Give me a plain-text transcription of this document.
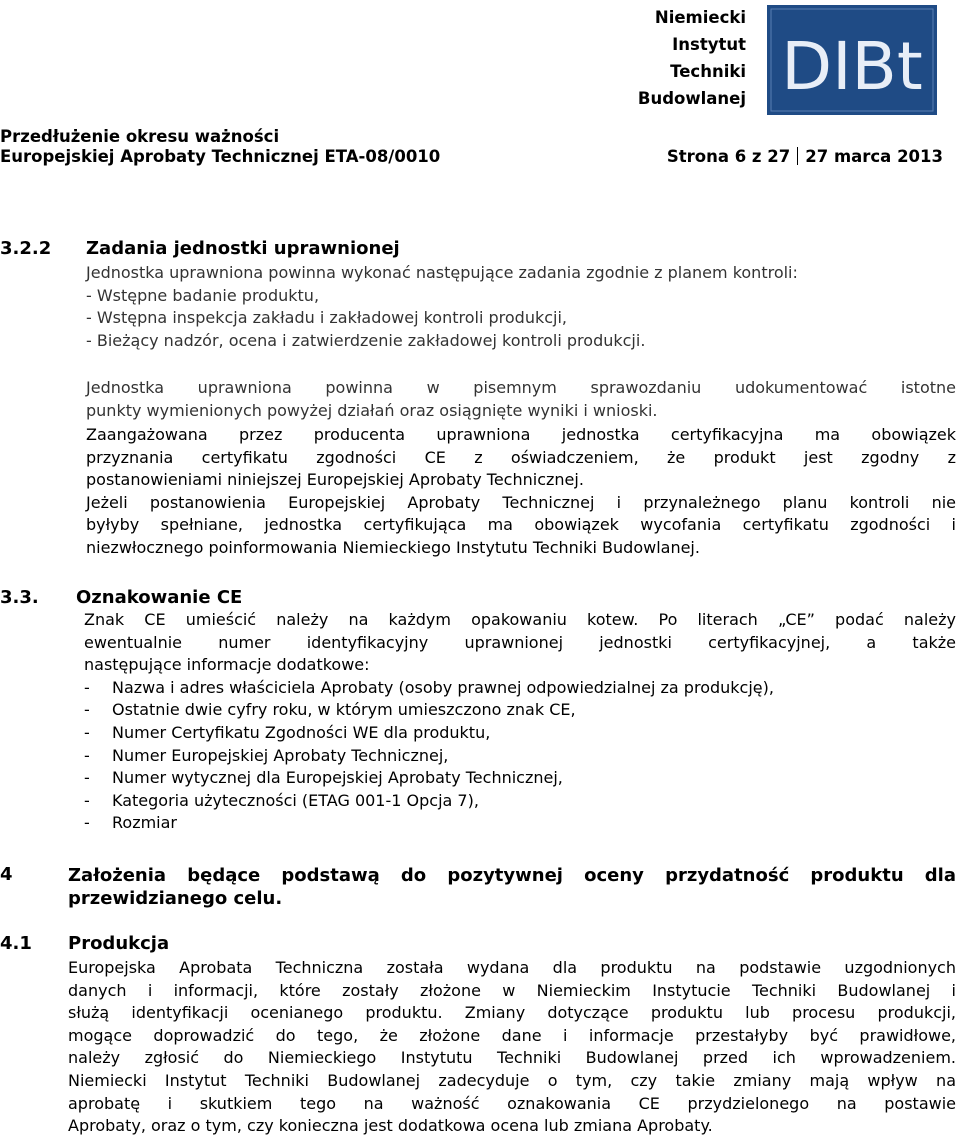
Niemiecki
Instytut
Techniki
Budowlanej DIBt
Przedłużenie okresu ważności
Europejskiej Aprobaty Technicznej ETA-08/0010	Strona 6 z 27 27 marca 2013
3.2.2 Zadania jednostki uprawnionej
Jednostka uprawniona powinna wykonać następujące zadania zgodnie z planem kontroli:
- Wstępne badanie produktu,
- Wstępna inspekcja zakładu i zakładowej kontroli produkcji,
- Bieżący nadzór, ocena i zatwierdzenie zakładowej kontroli produkcji.
Jednostka uprawniona powinna w pisemnym sprawozdaniu udokumentować istotne
punkty wymienionych powyżej działań oraz osiągnięte wyniki i wnioski.
Zaangażowana przez producenta uprawniona jednostka certyfikacyjna ma obowiązek
przyznania certyfikatu zgodności CE z oświadczeniem, że produkt jest zgodny z
postanowieniami niniejszej Europejskiej Aprobaty Technicznej.
Jeżeli postanowienia Europejskiej Aprobaty Technicznej i przynależnego planu kontroli nie
byłyby spełniane, jednostka certyfikująca ma obowiązek wycofania certyfikatu zgodności i
niezwłocznego poinformowania Niemieckiego Instytutu Techniki Budowlanej.
3.3. Oznakowanie CE
Znak CE umieścić należy na każdym opakowaniu kotew. Po literach „CE” podać należy
ewentualnie numer identyfikacyjny uprawnionej jednostki certyfikacyjnej, a także
następujące informacje dodatkowe:
- Nazwa i adres właściciela Aprobaty (osoby prawnej odpowiedzialnej za produkcję),
- Ostatnie dwie cyfry roku, w którym umieszczono znak CE,
- Numer Certyfikatu Zgodności WE dla produktu,
- Numer Europejskiej Aprobaty Technicznej,
- Numer wytycznej dla Europejskiej Aprobaty Technicznej,
- Kategoria użyteczności (ETAG 001-1 Opcja 7),
- Rozmiar
4	Założenia będące podstawą do pozytywnej oceny przydatność produktu dla
przewidzianego celu.
4.1 Produkcja
Europejska Aprobata Techniczna została wydana dla produktu na podstawie uzgodnionych
danych i informacji, które zostały złożone w Niemieckim Instytucie Techniki Budowlanej i
służą identyfikacji ocenianego produktu. Zmiany dotyczące produktu lub procesu produkcji,
mogące doprowadzić do tego, że złożone dane i informacje przestałyby być prawidłowe,
należy zgłosić do Niemieckiego Instytutu Techniki Budowlanej przed ich wprowadzeniem.
Niemiecki Instytut Techniki Budowlanej zadecyduje o tym, czy takie zmiany mają wpływ na
aprobatę i skutkiem tego na ważność oznakowania CE przydzielonego na postawie
Aprobaty, oraz o tym, czy konieczna jest dodatkowa ocena lub zmiana Aprobaty.
